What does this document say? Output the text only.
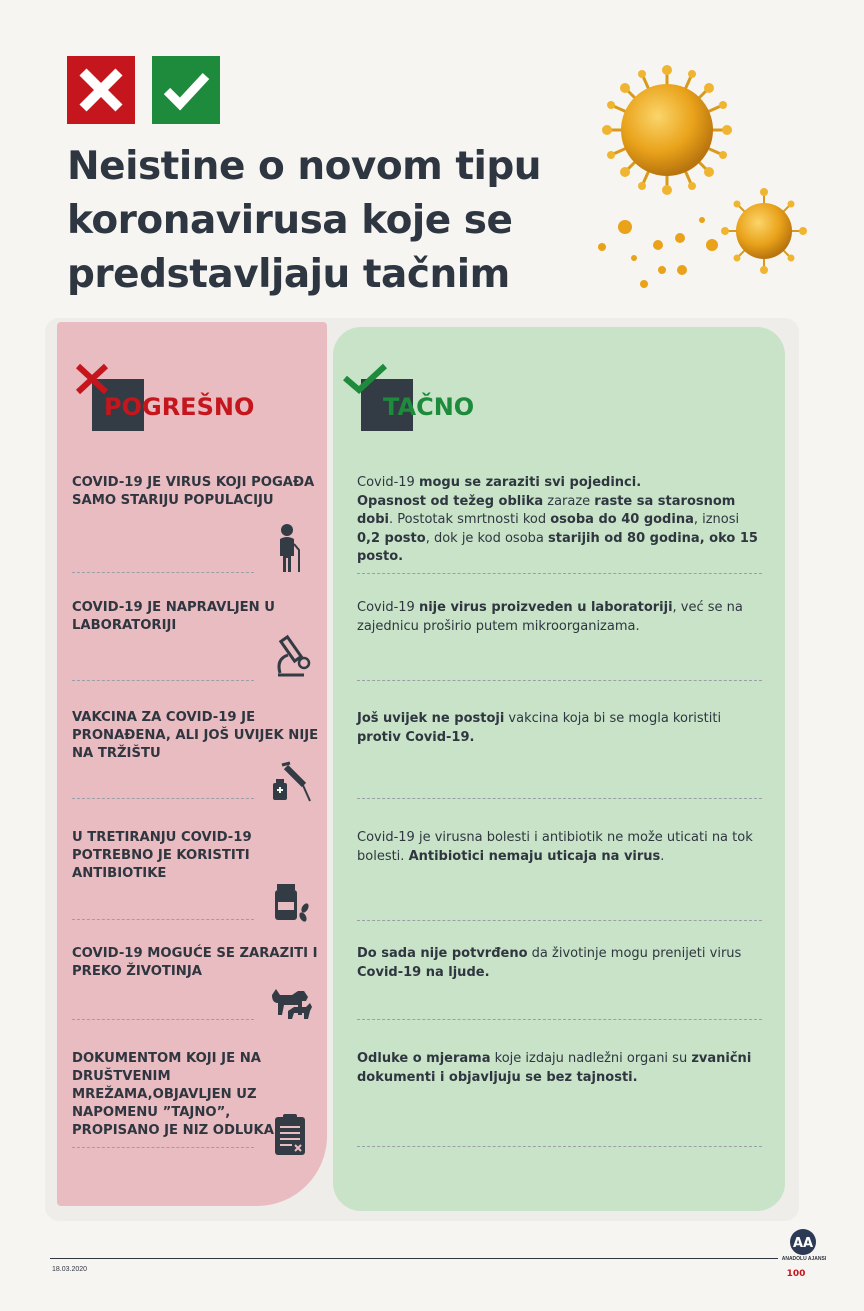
Neistine o novom tipu koronavirusa koje se predstavljaju tačnim
POGREŠNO	TAČNO
COVID-19 JE VIRUS KOJI POGAĐA SAMO STARIJU POPULACIJU
Covid-19 mogu se zaraziti svi pojedinci.
Opasnost od težeg oblika zaraze raste sa starosnom dobi. Postotak smrtnosti kod osoba do 40 godina, iznosi 0,2 posto, dok je kod osoba starijih od 80 godina, oko 15 posto.
COVID-19 JE NAPRAVLJEN U LABORATORIJI
Covid-19 nije virus proizveden u laboratoriji, već se na zajednicu proširio putem mikroorganizama.
VAKCINA ZA COVID-19 JE PRONAĐENA, ALI JOŠ UVIJEK NIJE NA TRŽIŠTU
Još uvijek ne postoji vakcina koja bi se mogla koristiti protiv Covid-19.
U TRETIRANJU COVID-19 POTREBNO JE KORISTITI ANTIBIOTIKE
Covid-19 je virusna bolesti i antibiotik ne može uticati na tok bolesti. Antibiotici nemaju uticaja na virus.
COVID-19 MOGUĆE SE ZARAZITI I PREKO ŽIVOTINJA
Do sada nije potvrđeno da životinje mogu prenijeti virus Covid-19 na ljude.
DOKUMENTOM KOJI JE NA DRUŠTVENIM MREŽAMA,OBJAVLJEN UZ NAPOMENU ”TAJNO”, PROPISANO JE NIZ ODLUKA
Odluke o mjerama koje izdaju nadležni organi su zvanični dokumenti i objavljuju se bez tajnosti.
18.03.2020
AA
100
ANADOLU AJANSI
